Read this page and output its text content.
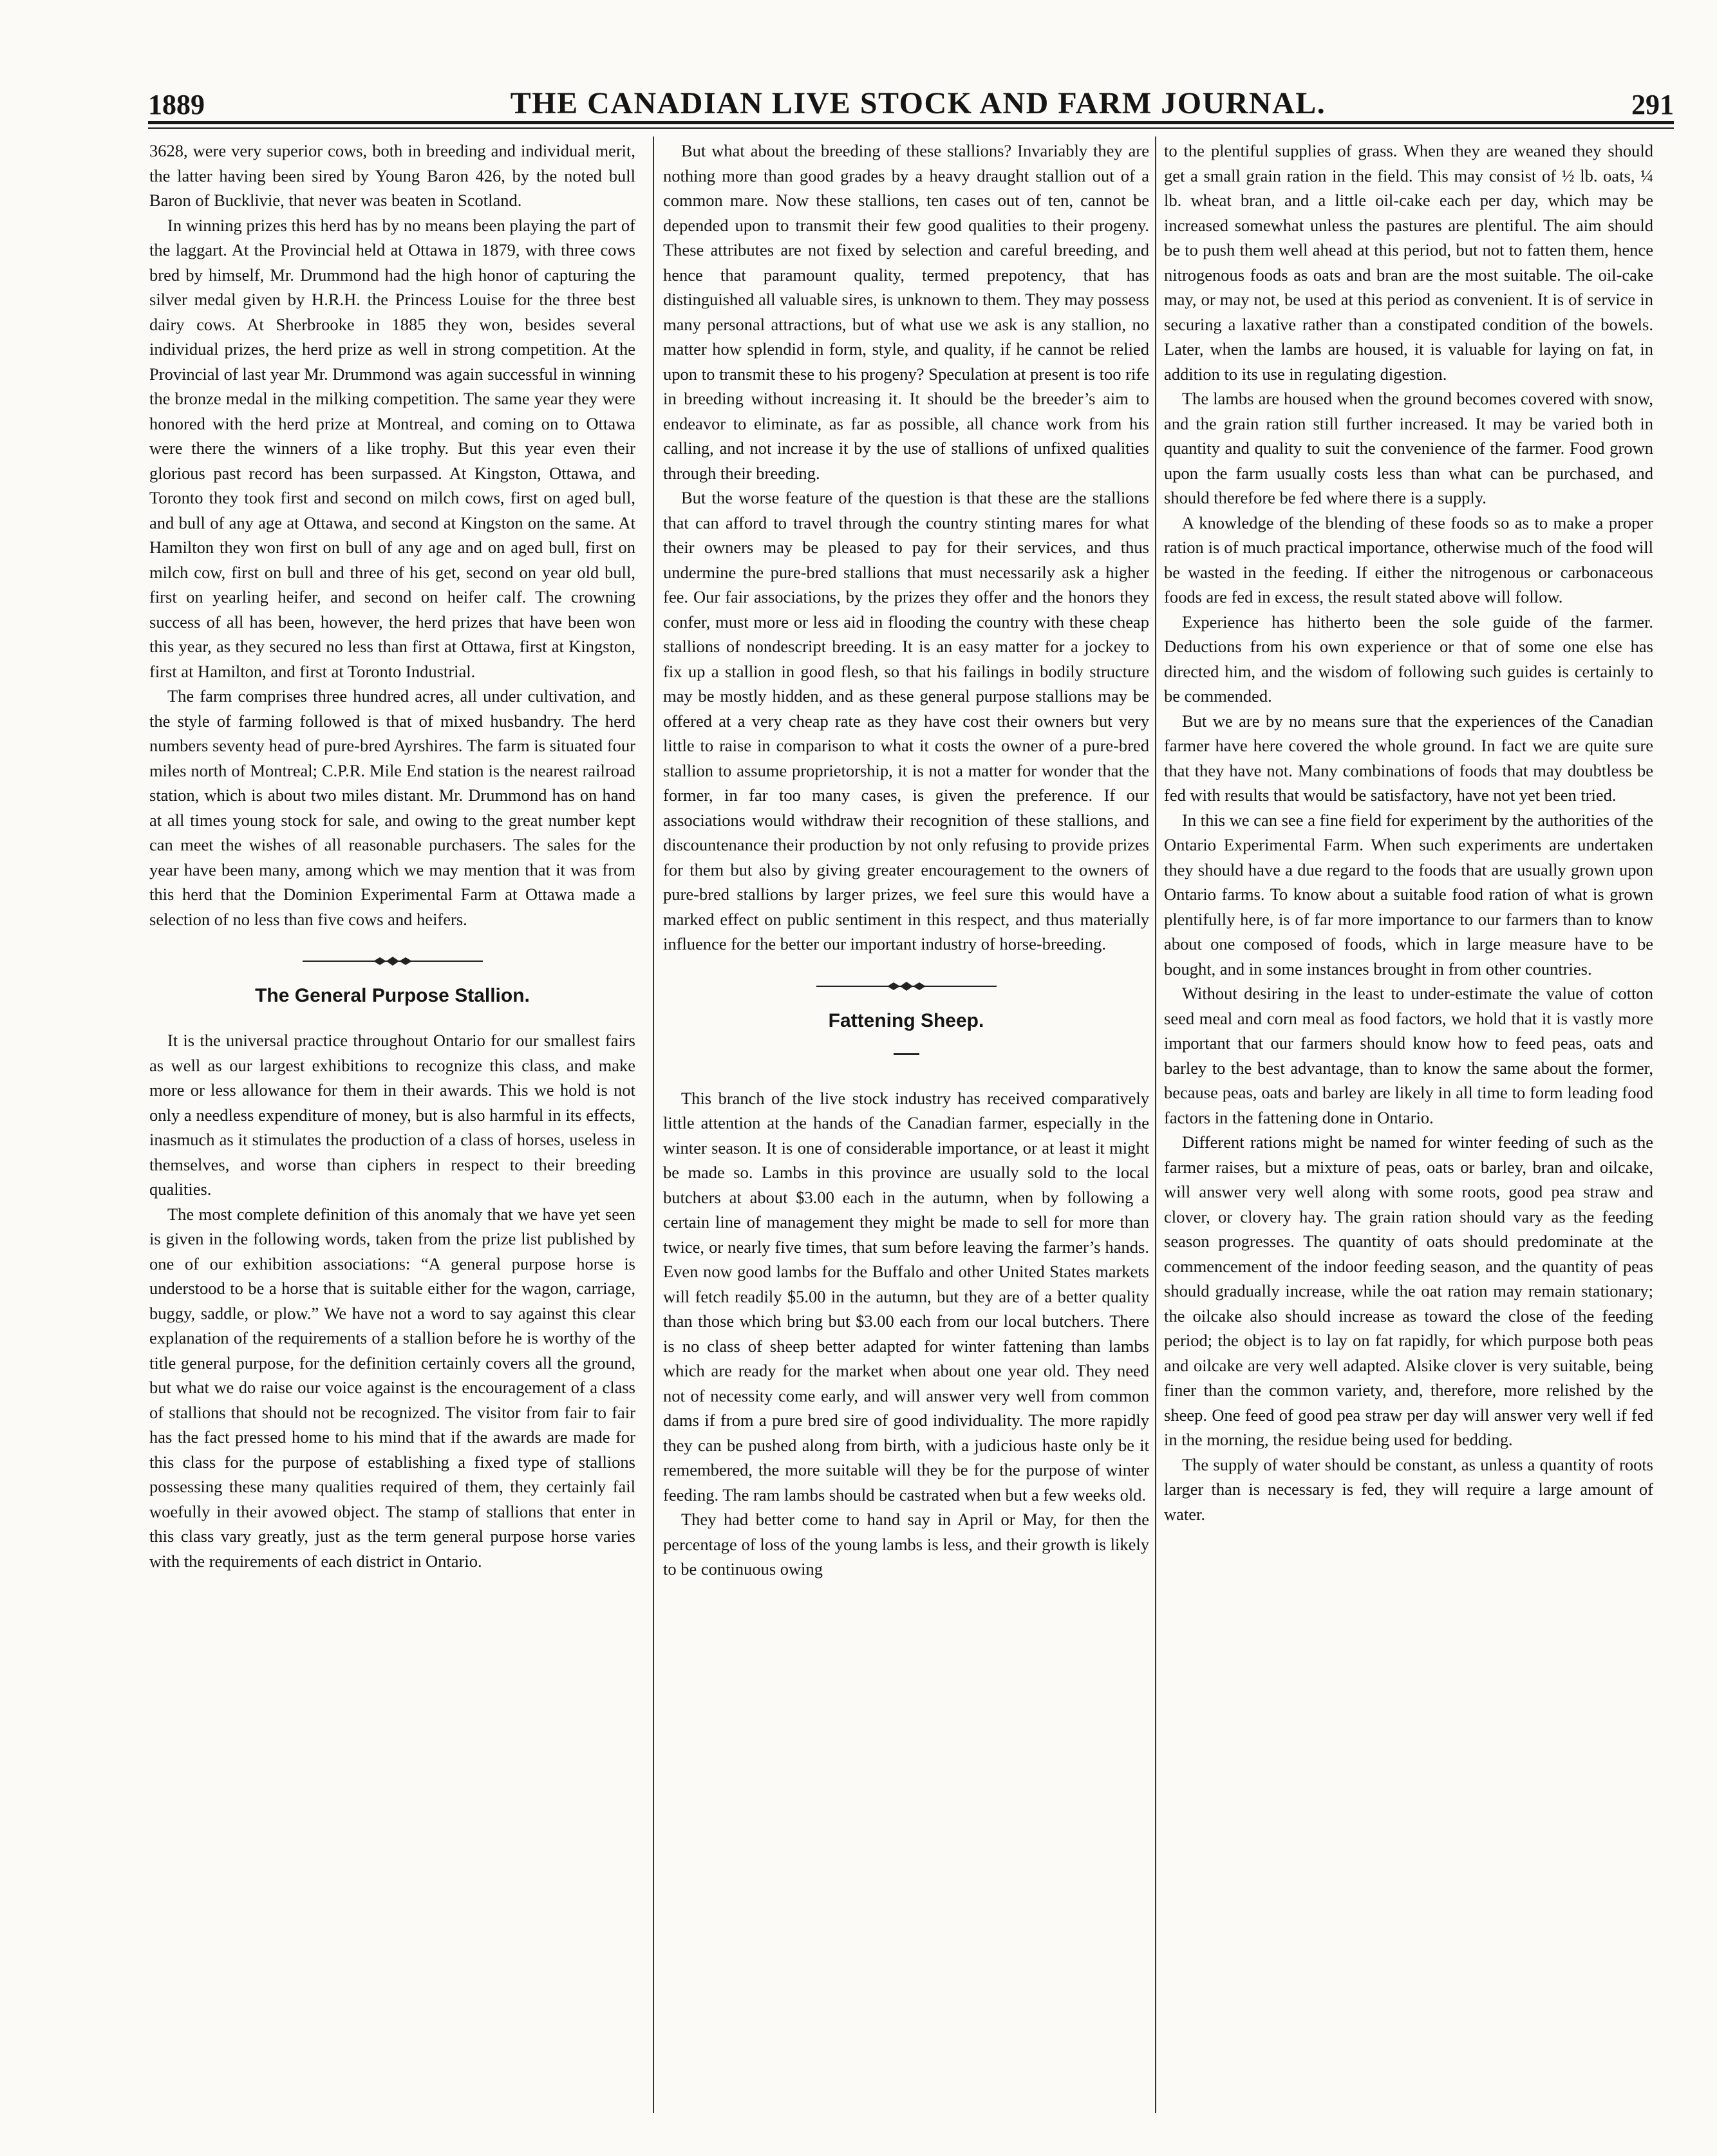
1889	THE CANADIAN LIVE STOCK AND FARM JOURNAL.	291

3628, were very superior cows, both in breeding and individual merit, the latter having been sired by Young Baron 426, by the noted bull Baron of Bucklivie, that never was beaten in Scotland.

In winning prizes this herd has by no means been playing the part of the laggart. At the Provincial held at Ottawa in 1879, with three cows bred by himself, Mr. Drummond had the high honor of capturing the silver medal given by H.R.H. the Princess Louise for the three best dairy cows. At Sherbrooke in 1885 they won, besides several individual prizes, the herd prize as well in strong competition. At the Provincial of last year Mr. Drummond was again successful in winning the bronze medal in the milking competition. The same year they were honored with the herd prize at Montreal, and coming on to Ottawa were there the winners of a like trophy. But this year even their glorious past record has been surpassed. At Kingston, Ottawa, and Toronto they took first and second on milch cows, first on aged bull, and bull of any age at Ottawa, and second at Kingston on the same. At Hamilton they won first on bull of any age and on aged bull, first on milch cow, first on bull and three of his get, second on year old bull, first on yearling heifer, and second on heifer calf. The crowning success of all has been, however, the herd prizes that have been won this year, as they secured no less than first at Ottawa, first at Kingston, first at Hamilton, and first at Toronto Industrial.

The farm comprises three hundred acres, all under cultivation, and the style of farming followed is that of mixed husbandry. The herd numbers seventy head of pure-bred Ayrshires. The farm is situated four miles north of Montreal; C.P.R. Mile End station is the nearest railroad station, which is about two miles distant. Mr. Drummond has on hand at all times young stock for sale, and owing to the great number kept can meet the wishes of all reasonable purchasers. The sales for the year have been many, among which we may mention that it was from this herd that the Dominion Experimental Farm at Ottawa made a selection of no less than five cows and heifers.

The General Purpose Stallion.

It is the universal practice throughout Ontario for our smallest fairs as well as our largest exhibitions to recognize this class, and make more or less allowance for them in their awards. This we hold is not only a needless expenditure of money, but is also harmful in its effects, inasmuch as it stimulates the production of a class of horses, useless in themselves, and worse than ciphers in respect to their breeding qualities.

The most complete definition of this anomaly that we have yet seen is given in the following words, taken from the prize list published by one of our exhibition associations: “A general purpose horse is understood to be a horse that is suitable either for the wagon, carriage, buggy, saddle, or plow.” We have not a word to say against this clear explanation of the requirements of a stallion before he is worthy of the title general purpose, for the definition certainly covers all the ground, but what we do raise our voice against is the encouragement of a class of stallions that should not be recognized. The visitor from fair to fair has the fact pressed home to his mind that if the awards are made for this class for the purpose of establishing a fixed type of stallions possessing these many qualities required of them, they certainly fail woefully in their avowed object. The stamp of stallions that enter in this class vary greatly, just as the term general purpose horse varies with the requirements of each district in Ontario.

But what about the breeding of these stallions? Invariably they are nothing more than good grades by a heavy draught stallion out of a common mare. Now these stallions, ten cases out of ten, cannot be depended upon to transmit their few good qualities to their progeny. These attributes are not fixed by selection and careful breeding, and hence that paramount quality, termed prepotency, that has distinguished all valuable sires, is unknown to them. They may possess many personal attractions, but of what use we ask is any stallion, no matter how splendid in form, style, and quality, if he cannot be relied upon to transmit these to his progeny? Speculation at present is too rife in breeding without increasing it. It should be the breeder’s aim to endeavor to eliminate, as far as possible, all chance work from his calling, and not increase it by the use of stallions of unfixed qualities through their breeding.

But the worse feature of the question is that these are the stallions that can afford to travel through the country stinting mares for what their owners may be pleased to pay for their services, and thus undermine the pure-bred stallions that must necessarily ask a higher fee. Our fair associations, by the prizes they offer and the honors they confer, must more or less aid in flooding the country with these cheap stallions of nondescript breeding. It is an easy matter for a jockey to fix up a stallion in good flesh, so that his failings in bodily structure may be mostly hidden, and as these general purpose stallions may be offered at a very cheap rate as they have cost their owners but very little to raise in comparison to what it costs the owner of a pure-bred stallion to assume proprietorship, it is not a matter for wonder that the former, in far too many cases, is given the preference. If our associations would withdraw their recognition of these stallions, and discountenance their production by not only refusing to provide prizes for them but also by giving greater encouragement to the owners of pure-bred stallions by larger prizes, we feel sure this would have a marked effect on public sentiment in this respect, and thus materially influence for the better our important industry of horse-breeding.

Fattening Sheep.

This branch of the live stock industry has received comparatively little attention at the hands of the Canadian farmer, especially in the winter season. It is one of considerable importance, or at least it might be made so. Lambs in this province are usually sold to the local butchers at about $3.00 each in the autumn, when by following a certain line of management they might be made to sell for more than twice, or nearly five times, that sum before leaving the farmer’s hands. Even now good lambs for the Buffalo and other United States markets will fetch readily $5.00 in the autumn, but they are of a better quality than those which bring but $3.00 each from our local butchers. There is no class of sheep better adapted for winter fattening than lambs which are ready for the market when about one year old. They need not of necessity come early, and will answer very well from common dams if from a pure bred sire of good individuality. The more rapidly they can be pushed along from birth, with a judicious haste only be it remembered, the more suitable will they be for the purpose of winter feeding. The ram lambs should be castrated when but a few weeks old.

They had better come to hand say in April or May, for then the percentage of loss of the young lambs is less, and their growth is likely to be continuous owing

to the plentiful supplies of grass. When they are weaned they should get a small grain ration in the field. This may consist of ½ lb. oats, ¼ lb. wheat bran, and a little oil-cake each per day, which may be increased somewhat unless the pastures are plentiful. The aim should be to push them well ahead at this period, but not to fatten them, hence nitrogenous foods as oats and bran are the most suitable. The oil-cake may, or may not, be used at this period as convenient. It is of service in securing a laxative rather than a constipated condition of the bowels. Later, when the lambs are housed, it is valuable for laying on fat, in addition to its use in regulating digestion.

The lambs are housed when the ground becomes covered with snow, and the grain ration still further increased. It may be varied both in quantity and quality to suit the convenience of the farmer. Food grown upon the farm usually costs less than what can be purchased, and should therefore be fed where there is a supply.

A knowledge of the blending of these foods so as to make a proper ration is of much practical importance, otherwise much of the food will be wasted in the feeding. If either the nitrogenous or carbonaceous foods are fed in excess, the result stated above will follow.

Experience has hitherto been the sole guide of the farmer. Deductions from his own experience or that of some one else has directed him, and the wisdom of following such guides is certainly to be commended.

But we are by no means sure that the experiences of the Canadian farmer have here covered the whole ground. In fact we are quite sure that they have not. Many combinations of foods that may doubtless be fed with results that would be satisfactory, have not yet been tried.

In this we can see a fine field for experiment by the authorities of the Ontario Experimental Farm. When such experiments are undertaken they should have a due regard to the foods that are usually grown upon Ontario farms. To know about a suitable food ration of what is grown plentifully here, is of far more importance to our farmers than to know about one composed of foods, which in large measure have to be bought, and in some instances brought in from other countries.

Without desiring in the least to under-estimate the value of cotton seed meal and corn meal as food factors, we hold that it is vastly more important that our farmers should know how to feed peas, oats and barley to the best advantage, than to know the same about the former, because peas, oats and barley are likely in all time to form leading food factors in the fattening done in Ontario.

Different rations might be named for winter feeding of such as the farmer raises, but a mixture of peas, oats or barley, bran and oilcake, will answer very well along with some roots, good pea straw and clover, or clovery hay. The grain ration should vary as the feeding season progresses. The quantity of oats should predominate at the commencement of the indoor feeding season, and the quantity of peas should gradually increase, while the oat ration may remain stationary; the oilcake also should increase as toward the close of the feeding period; the object is to lay on fat rapidly, for which purpose both peas and oilcake are very well adapted. Alsike clover is very suitable, being finer than the common variety, and, therefore, more relished by the sheep. One feed of good pea straw per day will answer very well if fed in the morning, the residue being used for bedding.

The supply of water should be constant, as unless a quantity of roots larger than is necessary is fed, they will require a large amount of water.
